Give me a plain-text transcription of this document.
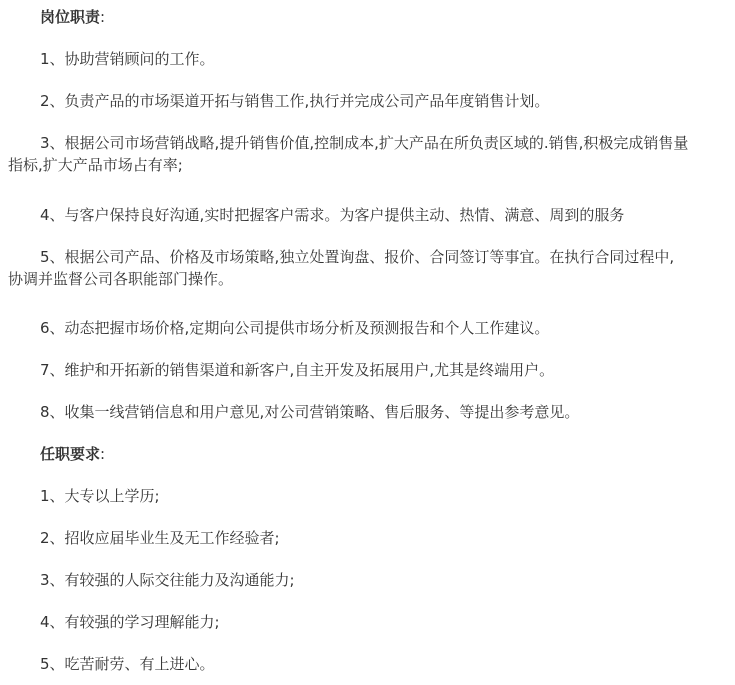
岗位职责:
1、协助营销顾问的工作。
2、负责产品的市场渠道开拓与销售工作,执行并完成公司产品年度销售计划。
3、根据公司市场营销战略,提升销售价值,控制成本,扩大产品在所负责区域的.销售,积极完成销售量
指标,扩大产品市场占有率;
4、与客户保持良好沟通,实时把握客户需求。为客户提供主动、热情、满意、周到的服务
5、根据公司产品、价格及市场策略,独立处置询盘、报价、合同签订等事宜。在执行合同过程中,
协调并监督公司各职能部门操作。
6、动态把握市场价格,定期向公司提供市场分析及预测报告和个人工作建议。
7、维护和开拓新的销售渠道和新客户,自主开发及拓展用户,尤其是终端用户。
8、收集一线营销信息和用户意见,对公司营销策略、售后服务、等提出参考意见。
任职要求:
1、大专以上学历;
2、招收应届毕业生及无工作经验者;
3、有较强的人际交往能力及沟通能力;
4、有较强的学习理解能力;
5、吃苦耐劳、有上进心。
